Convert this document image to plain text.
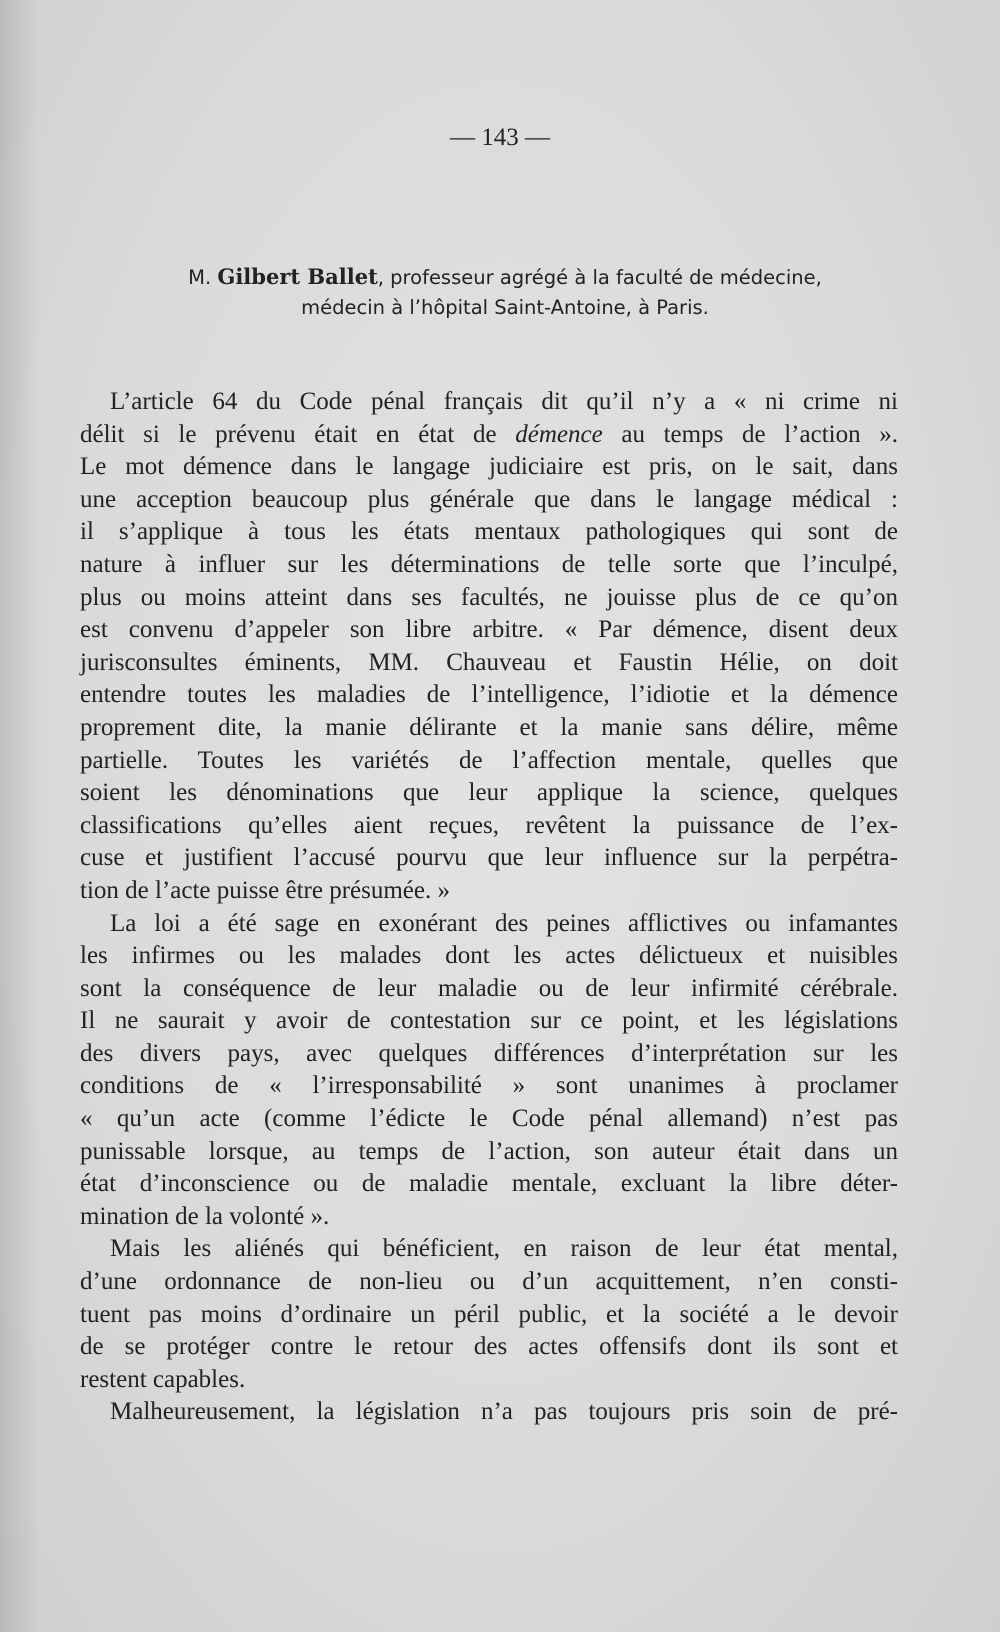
— 143 —
M. Gilbert Ballet, professeur agrégé à la faculté de médecine,
médecin à l’hôpital Saint-Antoine, à Paris.
L’article 64 du Code pénal français dit qu’il n’y a « ni crime ni
délit si le prévenu était en état de démence au temps de l’action ».
Le mot démence dans le langage judiciaire est pris, on le sait, dans
une acception beaucoup plus générale que dans le langage médical :
il s’applique à tous les états mentaux pathologiques qui sont de
nature à influer sur les déterminations de telle sorte que l’inculpé,
plus ou moins atteint dans ses facultés, ne jouisse plus de ce qu’on
est convenu d’appeler son libre arbitre. « Par démence, disent deux
jurisconsultes éminents, MM. Chauveau et Faustin Hélie, on doit
entendre toutes les maladies de l’intelligence, l’idiotie et la démence
proprement dite, la manie délirante et la manie sans délire, même
partielle. Toutes les variétés de l’affection mentale, quelles que
soient les dénominations que leur applique la science, quelques
classifications qu’elles aient reçues, revêtent la puissance de l’ex-
cuse et justifient l’accusé pourvu que leur influence sur la perpétra-
tion de l’acte puisse être présumée. »
La loi a été sage en exonérant des peines afflictives ou infamantes
les infirmes ou les malades dont les actes délictueux et nuisibles
sont la conséquence de leur maladie ou de leur infirmité cérébrale.
Il ne saurait y avoir de contestation sur ce point, et les législations
des divers pays, avec quelques différences d’interprétation sur les
conditions de « l’irresponsabilité » sont unanimes à proclamer
« qu’un acte (comme l’édicte le Code pénal allemand) n’est pas
punissable lorsque, au temps de l’action, son auteur était dans un
état d’inconscience ou de maladie mentale, excluant la libre déter-
mination de la volonté ».
Mais les aliénés qui bénéficient, en raison de leur état mental,
d’une ordonnance de non-lieu ou d’un acquittement, n’en consti-
tuent pas moins d’ordinaire un péril public, et la société a le devoir
de se protéger contre le retour des actes offensifs dont ils sont et
restent capables.
Malheureusement, la législation n’a pas toujours pris soin de pré-
